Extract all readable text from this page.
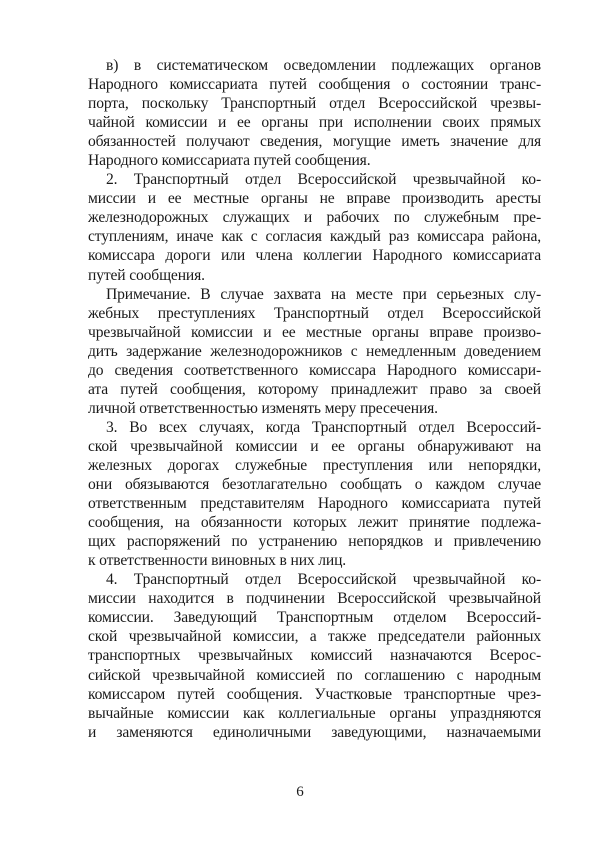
в) в систематическом осведомлении подлежащих органов
Народного комиссариата путей сообщения о состоянии транс-
порта, поскольку Транспортный отдел Всероссийской чрезвы-
чайной комиссии и ее органы при исполнении своих прямых
обязанностей получают сведения, могущие иметь значение для
Народного комиссариата путей сообщения.
2. Транспортный отдел Всероссийской чрезвычайной ко-
миссии и ее местные органы не вправе производить аресты
железнодорожных служащих и рабочих по служебным пре-
ступлениям, иначе как с согласия каждый раз комиссара района,
комиссара дороги или члена коллегии Народного комиссариата
путей сообщения.
Примечание. В случае захвата на месте при серьезных слу-
жебных преступлениях Транспортный отдел Всероссийской
чрезвычайной комиссии и ее местные органы вправе произво-
дить задержание железнодорожников с немедленным доведением
до сведения соответственного комиссара Народного комиссари-
ата путей сообщения, которому принадлежит право за своей
личной ответственностью изменять меру пресечения.
3. Во всех случаях, когда Транспортный отдел Всероссий-
ской чрезвычайной комиссии и ее органы обнаруживают на
железных дорогах служебные преступления или непорядки,
они обязываются безотлагательно сообщать о каждом случае
ответственным представителям Народного комиссариата путей
сообщения, на обязанности которых лежит принятие подлежа-
щих распоряжений по устранению непорядков и привлечению
к ответственности виновных в них лиц.
4. Транспортный отдел Всероссийской чрезвычайной ко-
миссии находится в подчинении Всероссийской чрезвычайной
комиссии. Заведующий Транспортным отделом Всероссий-
ской чрезвычайной комиссии, а также председатели районных
транспортных чрезвычайных комиссий назначаются Всерос-
сийской чрезвычайной комиссией по соглашению с народным
комиссаром путей сообщения. Участковые транспортные чрез-
вычайные комиссии как коллегиальные органы упраздняются
и заменяются единоличными заведующими, назначаемыми
6
